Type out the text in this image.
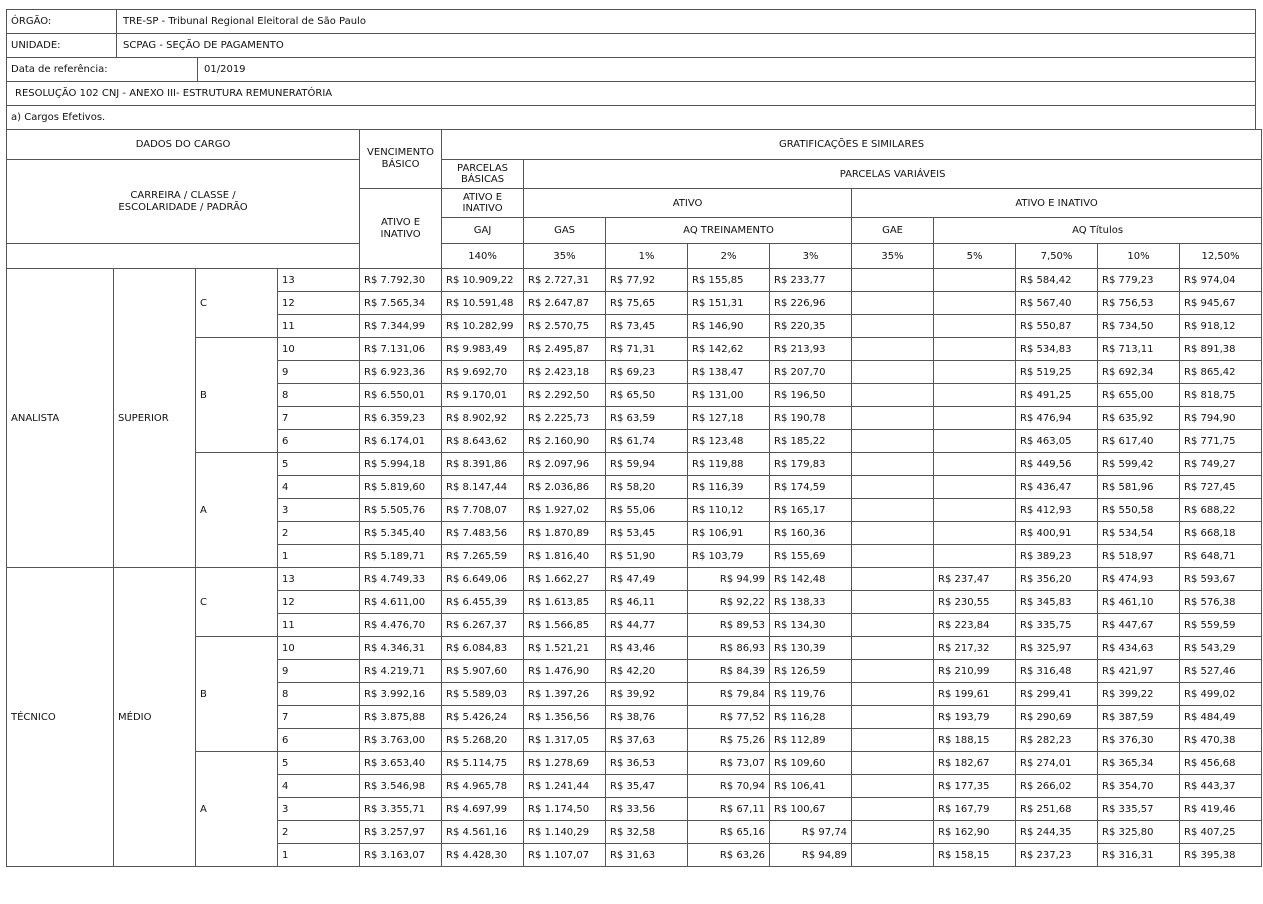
ÓRGÃO:	TRE-SP - Tribunal Regional Eleitoral de São Paulo
UNIDADE:	SCPAG - SEÇÃO DE PAGAMENTO
Data de referência:	01/2019
RESOLUÇÃO 102 CNJ - ANEXO III- ESTRUTURA REMUNERATÓRIA
a) Cargos Efetivos.
DADOS DO CARGO				VENCIMENTO BÁSICO	GRATIFICAÇÕES E SIMILARES									
CARREIRA / CLASSE / ESCOLARIDADE / PADRÃO					PARCELAS BÁSICAS	PARCELAS VARIÁVEIS								
				ATIVO E INATIVO	ATIVO E INATIVO	ATIVO				ATIVO E INATIVO				
					GAJ	GAS	AQ TREINAMENTO			GAE	AQ Títulos			
					140%	35%	1%	2%	3%	35%	5%	7,50%	10%	12,50%
ANALISTA	SUPERIOR	C	13	R$ 7.792,30	R$ 10.909,22	R$ 2.727,31	R$ 77,92	R$ 155,85	R$ 233,77			R$ 584,42	R$ 779,23	R$ 974,04
			12	R$ 7.565,34	R$ 10.591,48	R$ 2.647,87	R$ 75,65	R$ 151,31	R$ 226,96			R$ 567,40	R$ 756,53	R$ 945,67
			11	R$ 7.344,99	R$ 10.282,99	R$ 2.570,75	R$ 73,45	R$ 146,90	R$ 220,35			R$ 550,87	R$ 734,50	R$ 918,12
		B	10	R$ 7.131,06	R$ 9.983,49	R$ 2.495,87	R$ 71,31	R$ 142,62	R$ 213,93			R$ 534,83	R$ 713,11	R$ 891,38
			9	R$ 6.923,36	R$ 9.692,70	R$ 2.423,18	R$ 69,23	R$ 138,47	R$ 207,70			R$ 519,25	R$ 692,34	R$ 865,42
			8	R$ 6.550,01	R$ 9.170,01	R$ 2.292,50	R$ 65,50	R$ 131,00	R$ 196,50			R$ 491,25	R$ 655,00	R$ 818,75
			7	R$ 6.359,23	R$ 8.902,92	R$ 2.225,73	R$ 63,59	R$ 127,18	R$ 190,78			R$ 476,94	R$ 635,92	R$ 794,90
			6	R$ 6.174,01	R$ 8.643,62	R$ 2.160,90	R$ 61,74	R$ 123,48	R$ 185,22			R$ 463,05	R$ 617,40	R$ 771,75
		A	5	R$ 5.994,18	R$ 8.391,86	R$ 2.097,96	R$ 59,94	R$ 119,88	R$ 179,83			R$ 449,56	R$ 599,42	R$ 749,27
			4	R$ 5.819,60	R$ 8.147,44	R$ 2.036,86	R$ 58,20	R$ 116,39	R$ 174,59			R$ 436,47	R$ 581,96	R$ 727,45
			3	R$ 5.505,76	R$ 7.708,07	R$ 1.927,02	R$ 55,06	R$ 110,12	R$ 165,17			R$ 412,93	R$ 550,58	R$ 688,22
			2	R$ 5.345,40	R$ 7.483,56	R$ 1.870,89	R$ 53,45	R$ 106,91	R$ 160,36			R$ 400,91	R$ 534,54	R$ 668,18
			1	R$ 5.189,71	R$ 7.265,59	R$ 1.816,40	R$ 51,90	R$ 103,79	R$ 155,69			R$ 389,23	R$ 518,97	R$ 648,71
TÉCNICO	MÉDIO	C	13	R$ 4.749,33	R$ 6.649,06	R$ 1.662,27	R$ 47,49	R$ 94,99	R$ 142,48		R$ 237,47	R$ 356,20	R$ 474,93	R$ 593,67
			12	R$ 4.611,00	R$ 6.455,39	R$ 1.613,85	R$ 46,11	R$ 92,22	R$ 138,33		R$ 230,55	R$ 345,83	R$ 461,10	R$ 576,38
			11	R$ 4.476,70	R$ 6.267,37	R$ 1.566,85	R$ 44,77	R$ 89,53	R$ 134,30		R$ 223,84	R$ 335,75	R$ 447,67	R$ 559,59
		B	10	R$ 4.346,31	R$ 6.084,83	R$ 1.521,21	R$ 43,46	R$ 86,93	R$ 130,39		R$ 217,32	R$ 325,97	R$ 434,63	R$ 543,29
			9	R$ 4.219,71	R$ 5.907,60	R$ 1.476,90	R$ 42,20	R$ 84,39	R$ 126,59		R$ 210,99	R$ 316,48	R$ 421,97	R$ 527,46
			8	R$ 3.992,16	R$ 5.589,03	R$ 1.397,26	R$ 39,92	R$ 79,84	R$ 119,76		R$ 199,61	R$ 299,41	R$ 399,22	R$ 499,02
			7	R$ 3.875,88	R$ 5.426,24	R$ 1.356,56	R$ 38,76	R$ 77,52	R$ 116,28		R$ 193,79	R$ 290,69	R$ 387,59	R$ 484,49
			6	R$ 3.763,00	R$ 5.268,20	R$ 1.317,05	R$ 37,63	R$ 75,26	R$ 112,89		R$ 188,15	R$ 282,23	R$ 376,30	R$ 470,38
		A	5	R$ 3.653,40	R$ 5.114,75	R$ 1.278,69	R$ 36,53	R$ 73,07	R$ 109,60		R$ 182,67	R$ 274,01	R$ 365,34	R$ 456,68
			4	R$ 3.546,98	R$ 4.965,78	R$ 1.241,44	R$ 35,47	R$ 70,94	R$ 106,41		R$ 177,35	R$ 266,02	R$ 354,70	R$ 443,37
			3	R$ 3.355,71	R$ 4.697,99	R$ 1.174,50	R$ 33,56	R$ 67,11	R$ 100,67		R$ 167,79	R$ 251,68	R$ 335,57	R$ 419,46
			2	R$ 3.257,97	R$ 4.561,16	R$ 1.140,29	R$ 32,58	R$ 65,16	R$ 97,74		R$ 162,90	R$ 244,35	R$ 325,80	R$ 407,25
			1	R$ 3.163,07	R$ 4.428,30	R$ 1.107,07	R$ 31,63	R$ 63,26	R$ 94,89		R$ 158,15	R$ 237,23	R$ 316,31	R$ 395,38
